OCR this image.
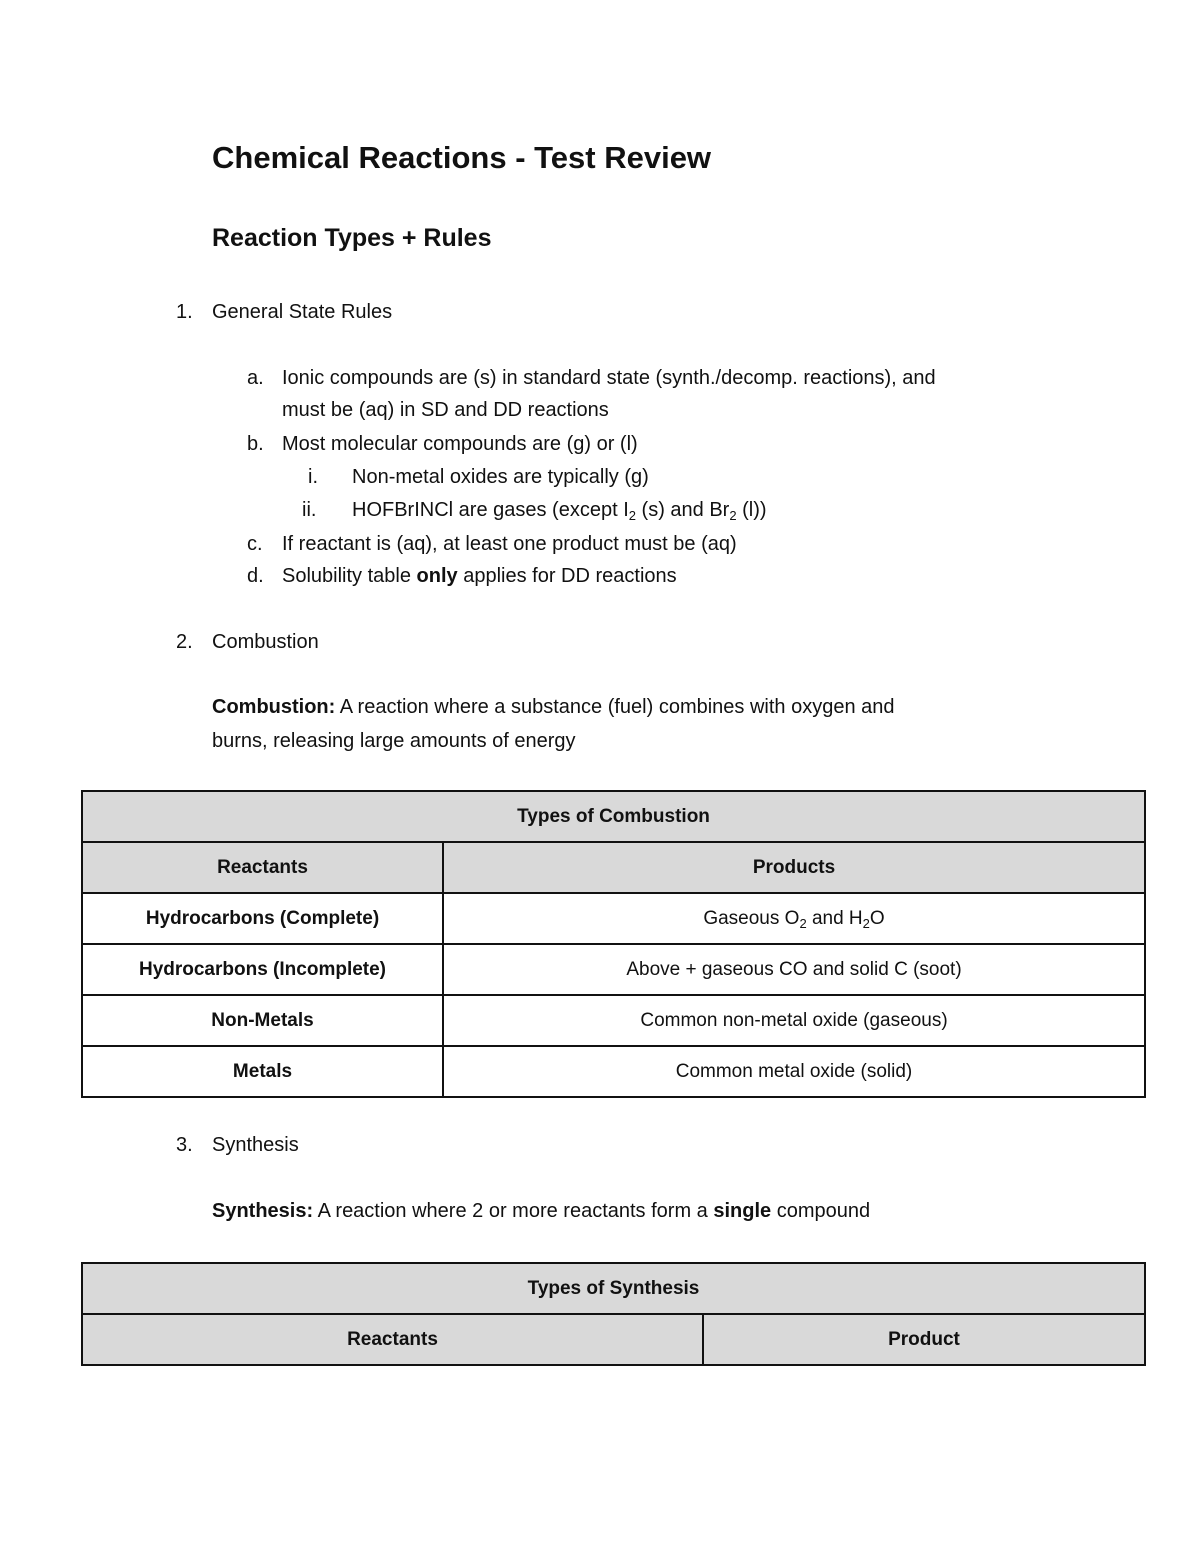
Chemical Reactions - Test Review
Reaction Types + Rules
1. General State Rules
a. Ionic compounds are (s) in standard state (synth./decomp. reactions), and
must be (aq) in SD and DD reactions
b. Most molecular compounds are (g) or (l)
i. Non-metal oxides are typically (g)
ii. HOFBrINCl are gases (except $I_2$ (s) and $Br_2$ (l))
c. If reactant is (aq), at least one product must be (aq)
d. Solubility table only applies for DD reactions
2. Combustion
Combustion: A reaction where a substance (fuel) combines with oxygen and
burns, releasing large amounts of energy
Types of Combustion	
Reactants	Products
Hydrocarbons (Complete)	Gaseous $O_2$ and $H_2O$
Hydrocarbons (Incomplete)	Above + gaseous CO and solid C (soot)
Non-Metals	Common non-metal oxide (gaseous)
Metals	Common metal oxide (solid)
3. Synthesis
Synthesis: A reaction where 2 or more reactants form a single compound
Types of Synthesis
Reactants	Product
